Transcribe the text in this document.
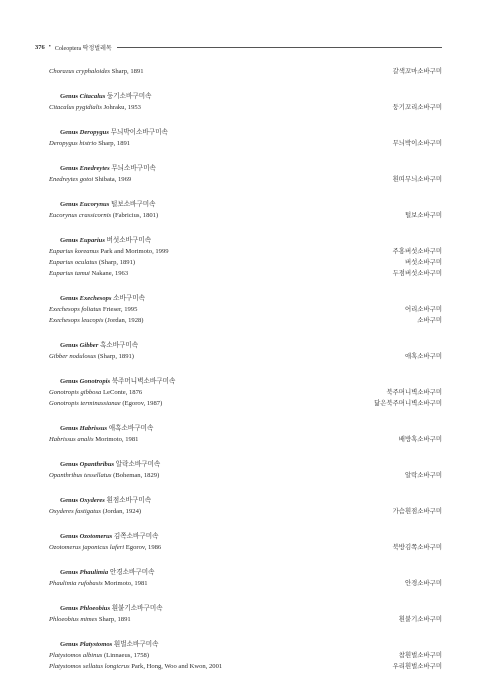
376 • Coleoptera 딱정벌레목
Chorагus cryphaloides Sharp, 1891	갈색꼬마소바구미
Genus Citacalus 둥기소바구미속
Citacalus pygidialis Johraku, 1953	둥기꼬리소바구미
Genus Deropygus 무늬박이소바구미속
Deropygus histrio Sharp, 1891	무늬박이소바구미
Genus Enedreytes 무늬소바구미속
Enedreytes gotoi Shibata, 1969	흰띠무늬소바구미
Genus Eucorynus 털보소바구미속
Eucorynus crassicornis (Fabricius, 1801)	털보소바구미
Genus Euparius 버섯소바구미속
Euparius koreanus Park and Morimoto, 1999	주홍버섯소바구미
Euparius oculatus (Sharp, 1891)	버섯소바구미
Euparius tamui Nakane, 1963	두점버섯소바구미
Genus Exechesops 소바구미속
Exechesops foliatus Frieser, 1995	어리소바구미
Exechesops leucopis (Jordan, 1928)	소바구미
Genus Gibber 혹소바구미속
Gibber nodulosus (Sharp, 1891)	애혹소바구미
Genus Gonotropis 북주머니벽소바구미속
Gonotropis gibbosa LeConte, 1876	북주머니벽소바구미
Gonotropis terminassianae (Egorov, 1987)	닮은북주머니벽소바구미
Genus Habrissus 애혹소바구미속
Habrissus analis Morimoto, 1981	배방혹소바구미
Genus Opanthribus 알락소바구미속
Opanthribus tessellatus (Boheman, 1829)	알락소바구미
Genus Oxyderes 흰점소바구미속
Oxyderes fastigatus (Jordan, 1924)	가슴흰점소바구미
Genus Ozotomerus 김쪽소바구미속
Ozotomerus japonicus laferi Egorov, 1986	북방김쪽소바구미
Genus Phaulimia 안경소바구미속
Phaulimia rufobasis Morimoto, 1981	안경소바구미
Genus Phloeobius 흰붙기소바구미속
Phloeobius mimes Sharp, 1891	흰붙기소바구미
Genus Platystomos 흰벌소바구미속
Platystomos albinus (Linnaeus, 1758)	참흰벌소바구미
Platystomos sellatus longicrus Park, Hong, Woo and Kwon, 2001	우리흰벌소바구미
